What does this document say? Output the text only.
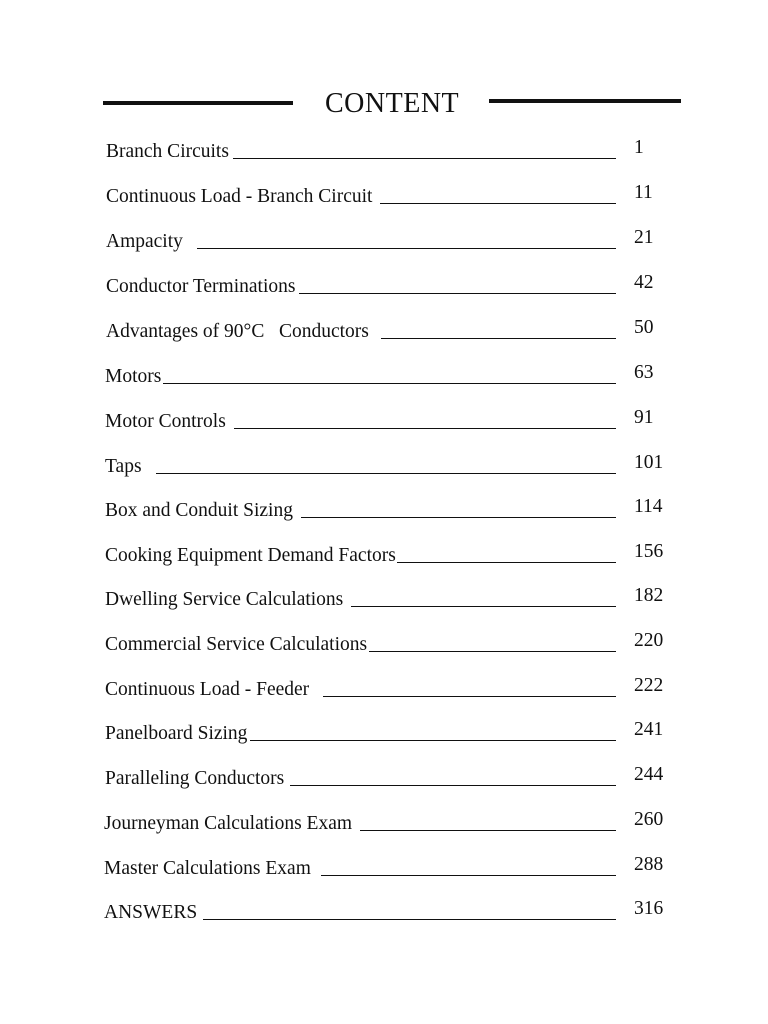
CONTENT
Branch Circuits	1
Continuous Load - Branch Circuit	11
Ampacity	21
Conductor Terminations	42
Advantages of 90°C   Conductors	50
Motors	63
Motor Controls	91
Taps	101
Box and Conduit Sizing	114
Cooking Equipment Demand Factors	156
Dwelling Service Calculations	182
Commercial Service Calculations	220
Continuous Load - Feeder	222
Panelboard Sizing	241
Paralleling Conductors	244
Journeyman Calculations Exam	260
Master Calculations Exam	288
ANSWERS	316
